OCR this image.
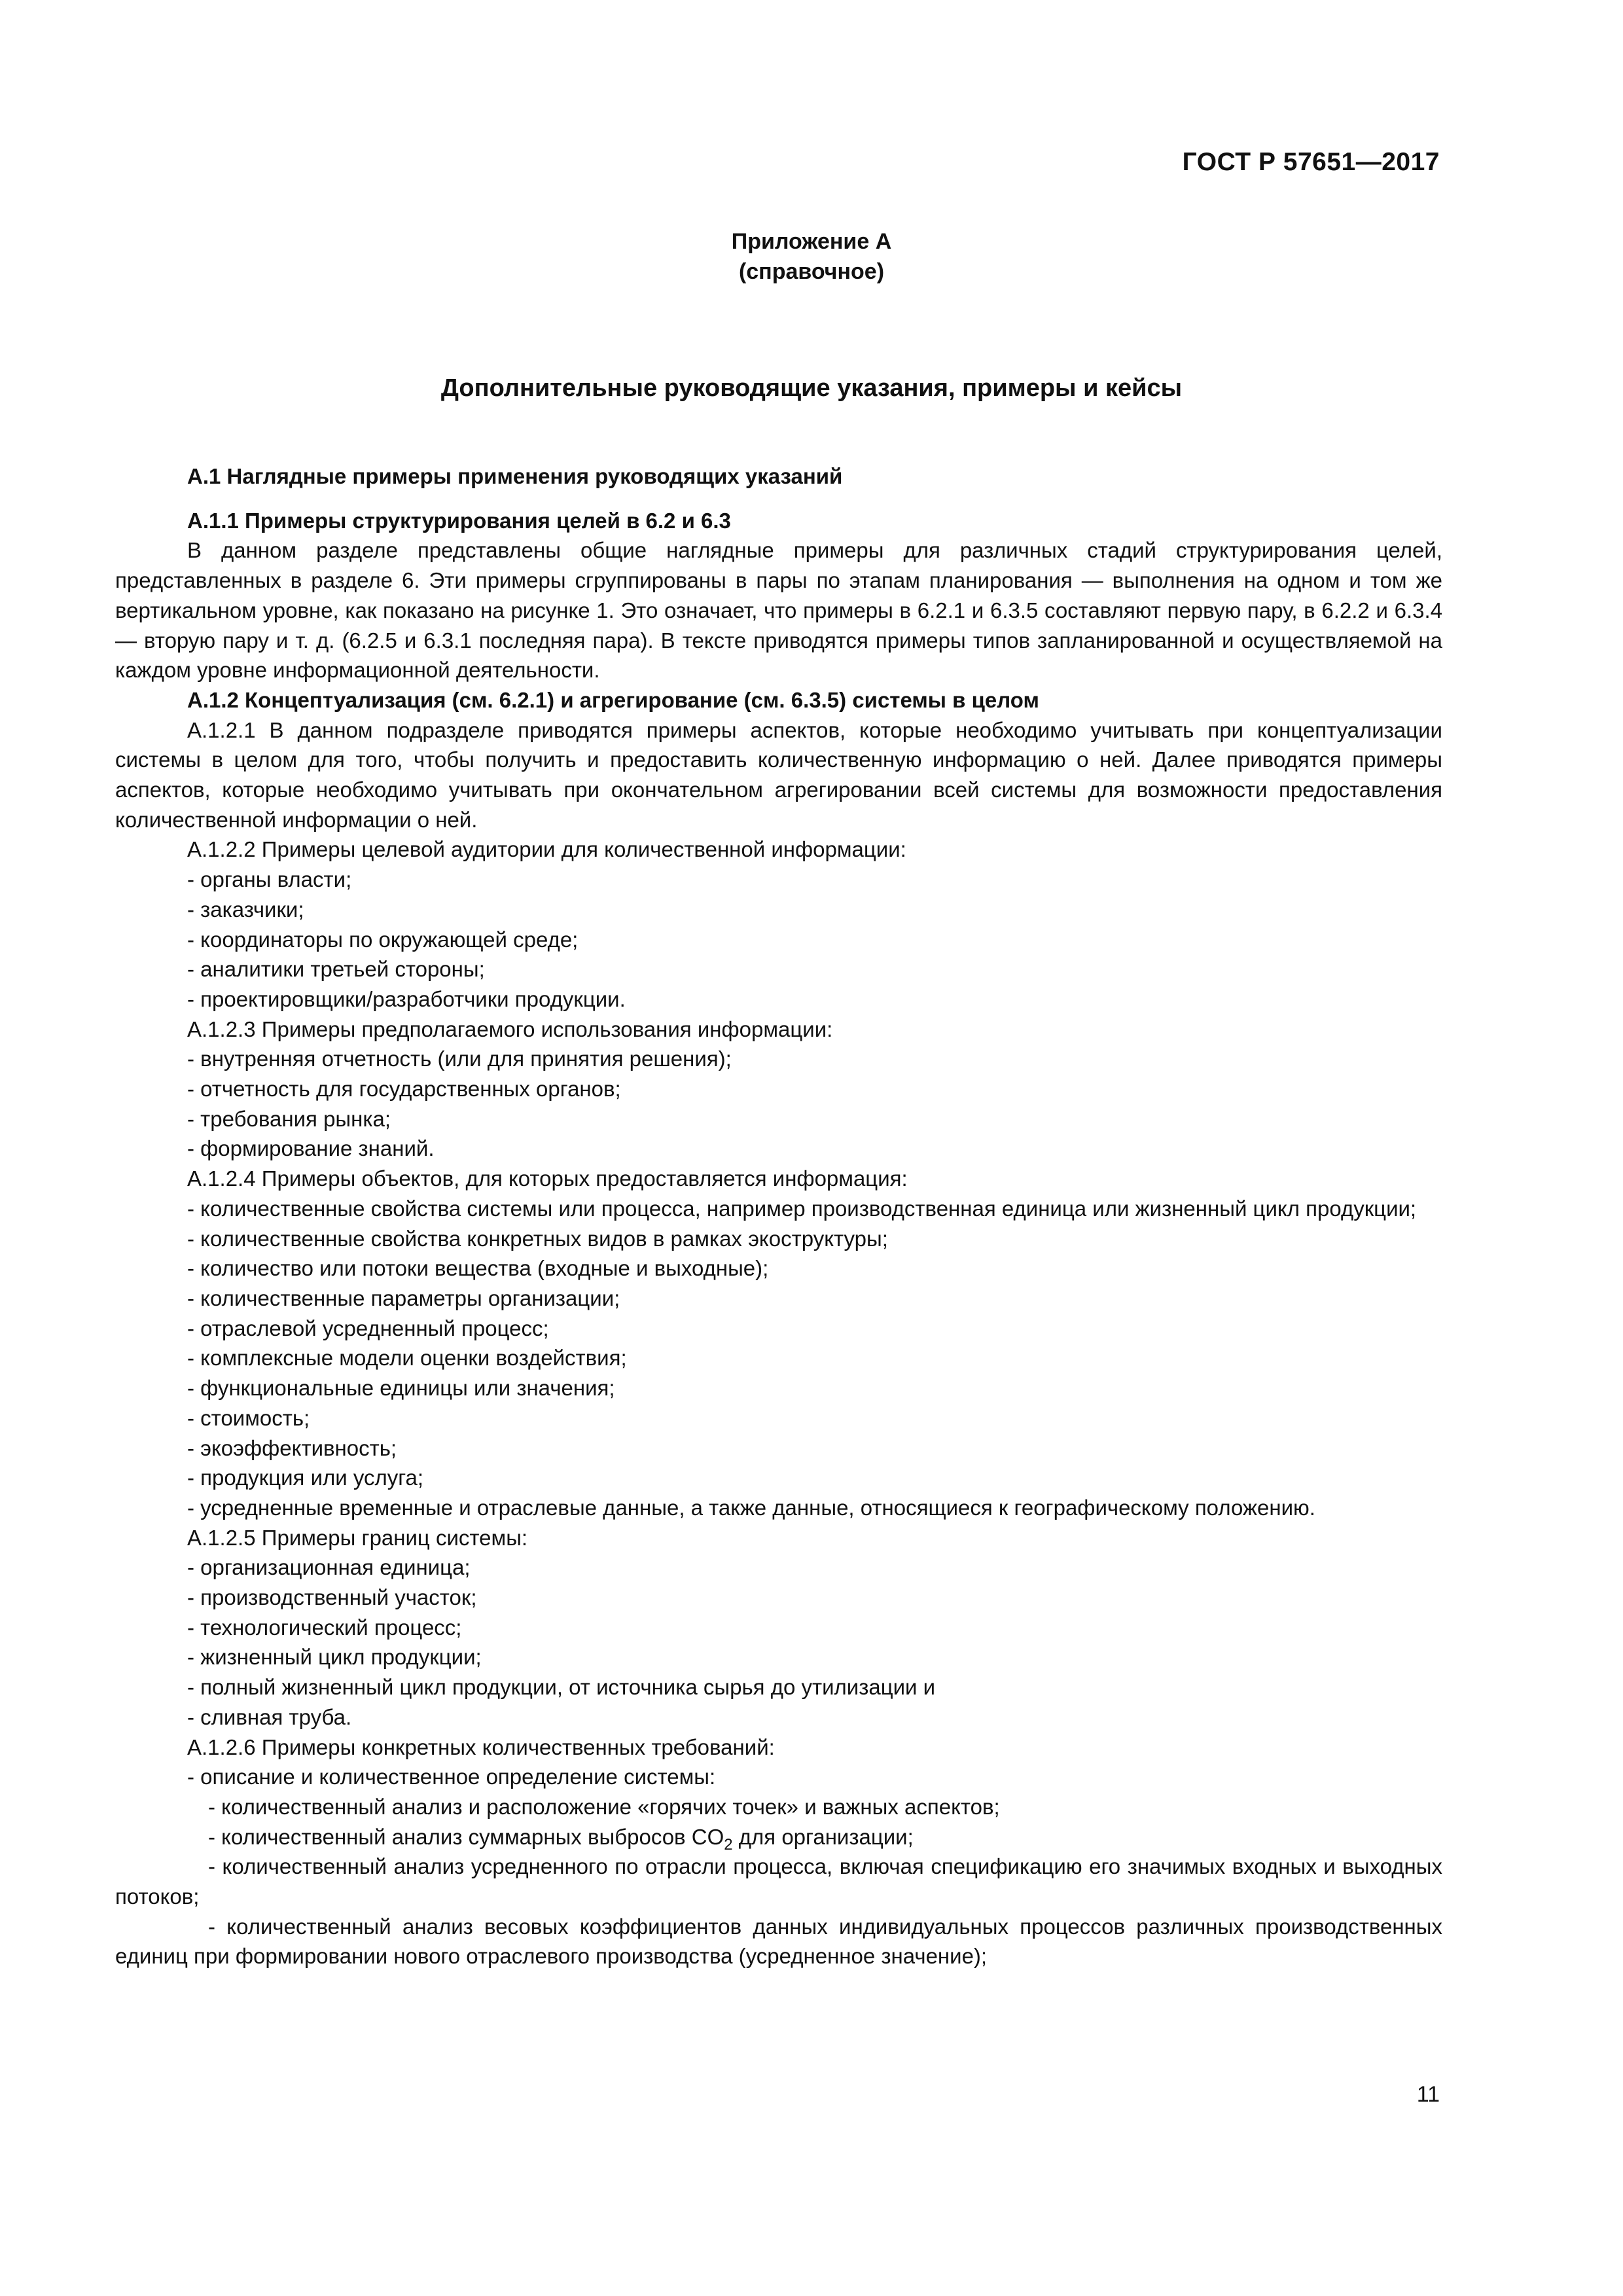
ГОСТ Р 57651—2017
Приложение А
(справочное)
Дополнительные руководящие указания, примеры и кейсы

А.1 Наглядные примеры применения руководящих указаний

А.1.1 Примеры структурирования целей в 6.2 и 6.3

В данном разделе представлены общие наглядные примеры для различных стадий структурирования целей, представленных в разделе 6. Эти примеры сгруппированы в пары по этапам планирования — выполнения на одном и том же вертикальном уровне, как показано на рисунке 1. Это означает, что примеры в 6.2.1 и 6.3.5 составляют первую пару, в 6.2.2 и 6.3.4 — вторую пару и т. д. (6.2.5 и 6.3.1 последняя пара). В тексте приводятся примеры типов запланированной и осуществляемой на каждом уровне информационной деятельности.

А.1.2 Концептуализация (см. 6.2.1) и агрегирование (см. 6.3.5) системы в целом

А.1.2.1 В данном подразделе приводятся примеры аспектов, которые необходимо учитывать при концептуализации системы в целом для того, чтобы получить и предоставить количественную информацию о ней. Далее приводятся примеры аспектов, которые необходимо учитывать при окончательном агрегировании всей системы для возможности предоставления количественной информации о ней.

А.1.2.2 Примеры целевой аудитории для количественной информации:

- органы власти;

- заказчики;

- координаторы по окружающей среде;

- аналитики третьей стороны;

- проектировщики/разработчики продукции.

А.1.2.3 Примеры предполагаемого использования информации:

- внутренняя отчетность (или для принятия решения);

- отчетность для государственных органов;

- требования рынка;

- формирование знаний.

А.1.2.4 Примеры объектов, для которых предоставляется информация:

- количественные свойства системы или процесса, например производственная единица или жизненный цикл продукции;

- количественные свойства конкретных видов в рамках экоструктуры;

- количество или потоки вещества (входные и выходные);

- количественные параметры организации;

- отраслевой усредненный процесс;

- комплексные модели оценки воздействия;

- функциональные единицы или значения;

- стоимость;

- экоэффективность;

- продукция или услуга;

- усредненные временные и отраслевые данные, а также данные, относящиеся к географическому положению.

А.1.2.5 Примеры границ системы:

- организационная единица;

- производственный участок;

- технологический процесс;

- жизненный цикл продукции;

- полный жизненный цикл продукции, от источника сырья до утилизации и

- сливная труба.

А.1.2.6 Примеры конкретных количественных требований:

- описание и количественное определение системы:

- количественный анализ и расположение «горячих точек» и важных аспектов;

- количественный анализ суммарных выбросов $CO_2$ для организации;

- количественный анализ усредненного по отрасли процесса, включая спецификацию его значимых входных и выходных потоков;

- количественный анализ весовых коэффициентов данных индивидуальных процессов различных производственных единиц при формировании нового отраслевого производства (усредненное значение);

11
